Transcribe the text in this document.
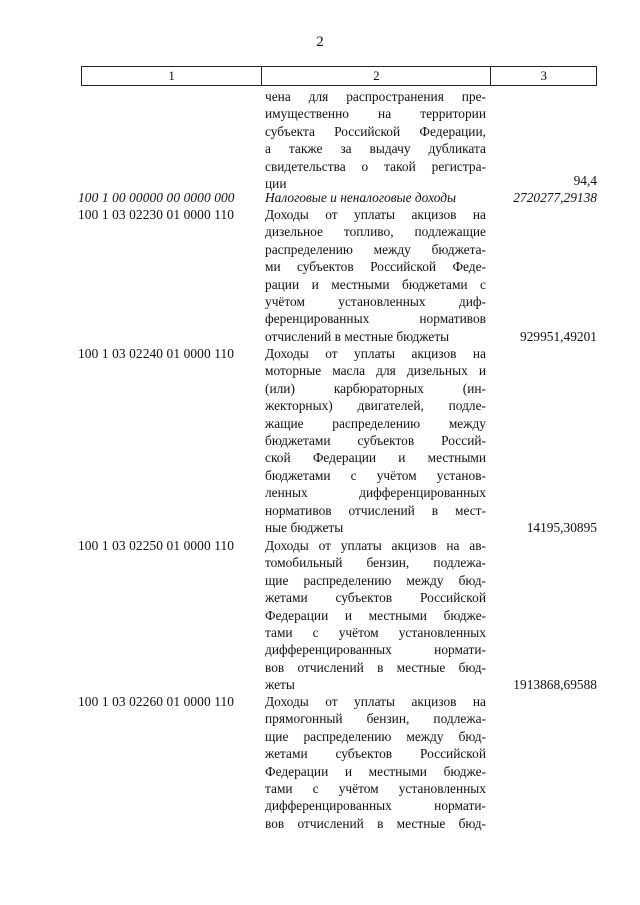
2
1	2	3
чена для распространения пре-
имущественно на территории
субъекта Российской Федерации,
а также за выдачу дубликата
свидетельства о такой регистра-
ции	94,4
100 1 00 00000 00 0000 000	Налоговые и неналоговые доходы	2720277,29138
100 1 03 02230 01 0000 110	Доходы от уплаты акцизов на
дизельное топливо, подлежащие
распределению между бюджета-
ми субъектов Российской Феде-
рации и местными бюджетами с
учётом установленных диф-
ференцированных нормативов
отчислений в местные бюджеты	929951,49201
100 1 03 02240 01 0000 110	Доходы от уплаты акцизов на
моторные масла для дизельных и
(или) карбюраторных (ин-
жекторных) двигателей, подле-
жащие распределению между
бюджетами субъектов Россий-
ской Федерации и местными
бюджетами с учётом установ-
ленных дифференцированных
нормативов отчислений в мест-
ные бюджеты	14195,30895
100 1 03 02250 01 0000 110	Доходы от уплаты акцизов на ав-
томобильный бензин, подлежа-
щие распределению между бюд-
жетами субъектов Российской
Федерации и местными бюдже-
тами с учётом установленных
дифференцированных нормати-
вов отчислений в местные бюд-
жеты	1913868,69588
100 1 03 02260 01 0000 110	Доходы от уплаты акцизов на
прямогонный бензин, подлежа-
щие распределению между бюд-
жетами субъектов Российской
Федерации и местными бюдже-
тами с учётом установленных
дифференцированных нормати-
вов отчислений в местные бюд-
